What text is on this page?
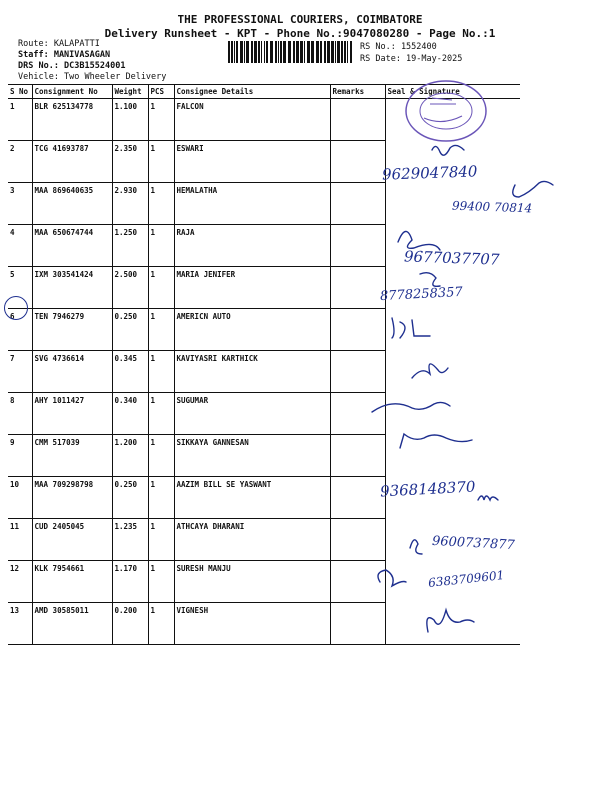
THE PROFESSIONAL COURIERS, COIMBATORE
Delivery Runsheet - KPT - Phone No.:9047080280 - Page No.:1
Route: KALAPATTI
Staff: MANIVASAGAN
DRS No.: DC3B15524001
Vehicle: Two Wheeler Delivery
RS No.: 1552400
RS Date: 19-May-2025
S No	Consignment No	Weight	PCS	Consignee Details	Remarks	Seal & Signature
1	BLR 625134778	1.100	1	FALCON		
2	TCG 41693787	2.350	1	ESWARI		
3	MAA 869640635	2.930	1	HEMALATHA		
4	MAA 650674744	1.250	1	RAJA		
5	IXM 303541424	2.500	1	MARIA JENIFER		
6	TEN 7946279	0.250	1	AMERICN AUTO		
7	SVG 4736614	0.345	1	KAVIYASRI KARTHICK		
8	AHY 1011427	0.340	1	SUGUMAR		
9	CMM 517039	1.200	1	SIKKAYA GANNESAN		
10	MAA 709298798	0.250	1	AAZIM BILL SE YASWANT		
11	CUD 2405045	1.235	1	ATHCAYA DHARANI		
12	KLK 7954661	1.170	1	SURESH MANJU		
13	AMD 30585011	0.200	1	VIGNESH		
9629047840
99400 70814
9677037707
8778258357
9368148370
9600737877
6383709601
